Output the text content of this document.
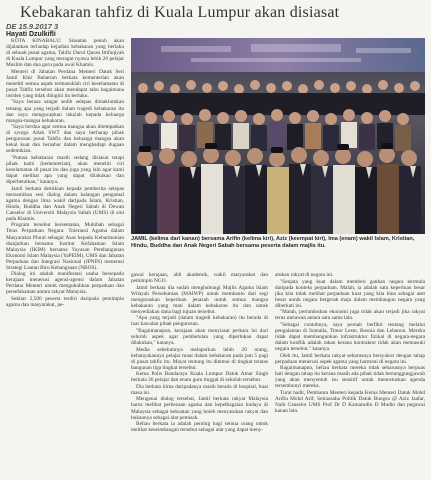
Kebakaran tahfiz di Kuala Lumpur akan disiasat
DE 15.9.2017 3
Hayati Dzulkifli

KOTA KINABALU: Siasatan penuh akan dijalankan terhadap kejadian kebakaran yang berlaku di sebuah pusat agama, Tahfiz Darul Quran Ittifaqiyah di Kuala Lumpur yang meragut nyawa lebih 20 pelajar Muslim dan dua guru pada awal Khamis.

Menteri di Jabatan Perdana Menteri Datuk Seri Jamil Khir Baharom berkata kementerian akan meneliti semua aspek termasuklah ciri keselamatan di pusat Tahfiz tersebut akan mendapat tahu bagaimana insiden yang tidak diingini itu berlaku.

"Saya berasa sangat sedih selepas dimaklumkan tentang apa yang terjadi dalam tragedi kebakaran itu dan saya mengucapkan takziah kepada keluarga mangsa-mangsa kebakaran.

"Saya berdoa agar semua mangsa akan ditempatkan di syurga Allah SWT dan saya berharap pihak pengurusan pusat Tahfiz dan keluarga mangsa akan kekal kuat dan bersabar dalam menghadapi dugaan sedemikian.

"Putusa kebakaran masih sedang disiasat tetapi pihak kami (kementerian), akan meneliti ciri keselamatan di pusat itu dan juga yang lain agar kami dapat melihat apa yang dapat dilakukan dan diperbetulkan," katanya.

Jamil berkata demikian kepada pemberita selepas merasmikan sesi dialog dalam kalangan pengamal agama dengan lima wakil daripada Islam, Kristian, Hindu, Buddha dan Anak Negeri Sabah di Dewan Canselor di Universiti Malaysia Sabah (UMS) di sini pada Khamis.

Program tersebut bersematan, Muhibah sebagai Teras Perpaduan Negara: Toleransi Agama dalam Masyarakat Plural sebagai Asas kepada Kebarmonian dianjurkan bersama Institut Kefahaman Islam Malaysia (IKIM) bersama Yayasan Pembangunan Ekonomi Islam Malaysia (YaPEIM), UMS dan Jabatan Perpaduan dan Integrasi Nasional (JPNIN) menerusi Strategi Lautan Biru Kebangsaan (NBOS).

Dialog ini adalah manifestasi usaha bersepadu kerajaan menerusi agensi-agensi dalam Jabatan Perdana Menteri untuk mengukuhkan perpaduan dan persefahaman antara rakyat Malaysia.

Sekitar 2,500 peserta terdiri daripada pemimpin agama dan masyarakat, pe-

JAMIL (kelima dari kanan) bersama Arifin (kelima kiri), Aziz (keempat kiri), Ima (enam) wakil Islam, Kristian, Hindu, Buddha dan Anak Negeri Sabah bersama peserta dalam majlis itu.

gawai kerajaan, ahli akademik, wakil masyarakat dan pemimpin NGO.

Jamil berkata dia sudah menghubungi Majlis Agama Islam Wilayah Persekutuan (MAIWP) untuk membantu dari segi menguruskan keperluan jenazah untuk semua mangsa kebakaran yang mati dalam kebakaran itu dan untuk menyediakan dana bagi tujuan tersebut.

"Apa yang terjadi (dalam tragedi kebakaran) itu berada di luar kawalan pihak pengurusan.

"Bagaimanapun, kerajaan akan menyiasat perkara ini dari seluruh aspek agar pembetulan yang diperlukan dapat dilakukan," katanya.

Media sebelumnya melaporkan lebih 20 orang, kebanyakannya pelajar maut dalam kebakaran pada jam 5 pagi di pusat tahfiz itu. Mayat rentung itu ditemui di tingkat teratas bangunan tiga tingkat tersebut.

Ketua Polis Bandaraya Kuala Lumpur Datuk Amar Singh berkata 36 pelajar dan enam guru tinggal di sekolah tersebut.

Dia berkata tiima daripadanya masih berada di hospital, buat masa ini.

Mengenai dialog tersebut, Jamil berkata rakyat Malaysia harus melihat perbezaan agama dan kepelbagaian budaya di Malaysia sebagai kekuatan yang boleh menyatukan rakyat dan bukannya sebagai alat pemisah.

Beliau berkata ia adalah penting bagi semua orang untuk melihat keseimbangan tersebut sebagai alat yang dapat meny-

atukan rakyat di negara ini.

"Senjata yang kuat dalam memberi gankan negara bermula daripada konteks perpaduan. Malah, ia adalah satu keperluan besar jika kita tidak melihat perpaduan kuat yang kita bina sebagai aset besar untuk negara bergerak maju dalam membangun negara yang diberkati ini.

"Malah, pertumbuhan ekonomi juga tidak akan terjadi jika rakyat terus melawan antara satu sama lain.

"Sebagai contohnya, saya pernah berfikir tentang melalui pengalaman di Somalia, Timor Leste, Bosnia dan Lebanon. Mereka tidak dapat membangunkan infrastruktur fizikal di negara-negara dalam konflik adalah rakan kerana kontraktor tidak akan memasuki negara tersebut," katanya.

Oleh itu, Jamil berkata rakyat seharusnya bersyukur dengan tahap perpaduan menerusi aspek agama yang harmoni di negara ini.

Bagaimanapun, beliau berkata mereka tidak seharusnya berpuas hati dengan tahap itu kerana masih ada pihak tidak bertanggungjawab yang akan menyentuh isu sensitif untuk mencetuskan agenda tersembunyi mereka.

Turut hadir, Pembantu Menteri kepada Ketua Menteri Datuk Mohd Arifin Mohd Arif, Setiausaha Politik Datuk Bungsu @ Aziz Jaafar, Naib Canselor UMS Prof Dr D Kamarudin D Mudin dan pegawai kanan lain.
